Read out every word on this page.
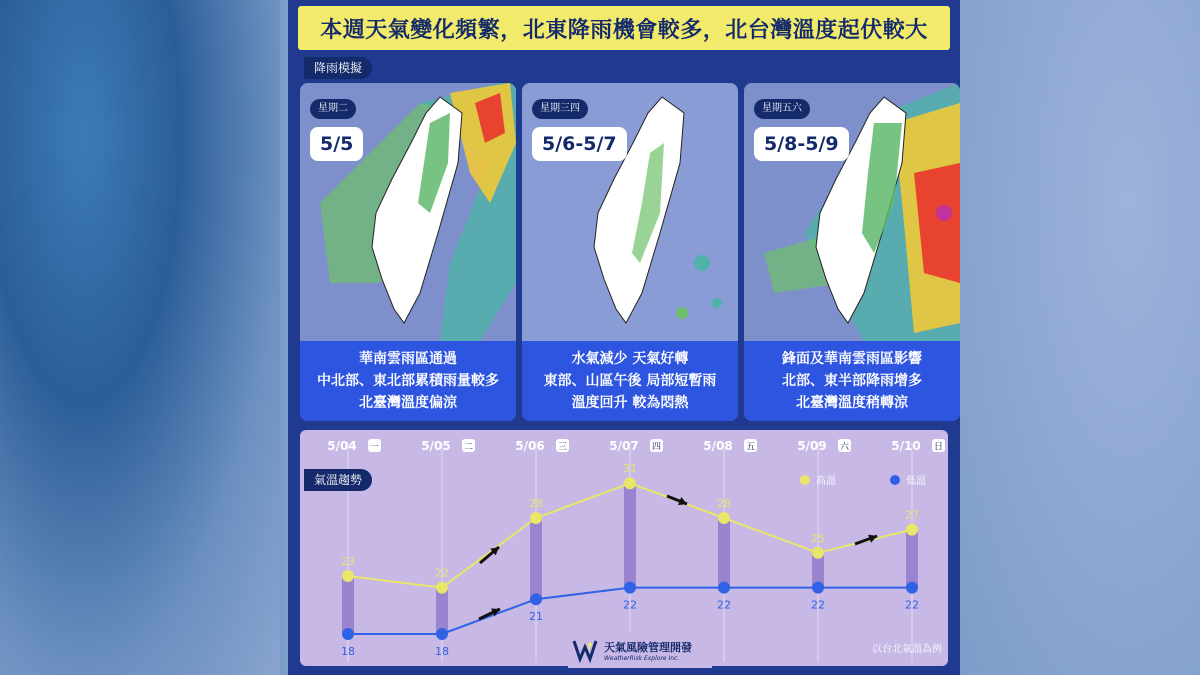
本週天氣變化頻繁，北東降雨機會較多，北台灣溫度起伏較大
降雨模擬
星期二
5/5
華南雲雨區通過
中北部、東北部累積雨量較多
北臺灣溫度偏涼
星期三四
5/6-5/7
水氣減少 天氣好轉
東部、山區午後 局部短暫雨
溫度回升 較為悶熱
星期五六
5/8-5/9
鋒面及華南雲雨區影響
北部、東半部降雨增多
北臺灣溫度稍轉涼
5/04 一	5/05 二	5/06 三	5/07 四	5/08 五	5/09 六	5/10 日
23
18
22
18
28
21
31
22
28
22
25
22
27
22
高溫	低溫
氣溫趨勢
天氣風險管理開發
WeatherRisk Explore Inc.
以台北氣溫為例
